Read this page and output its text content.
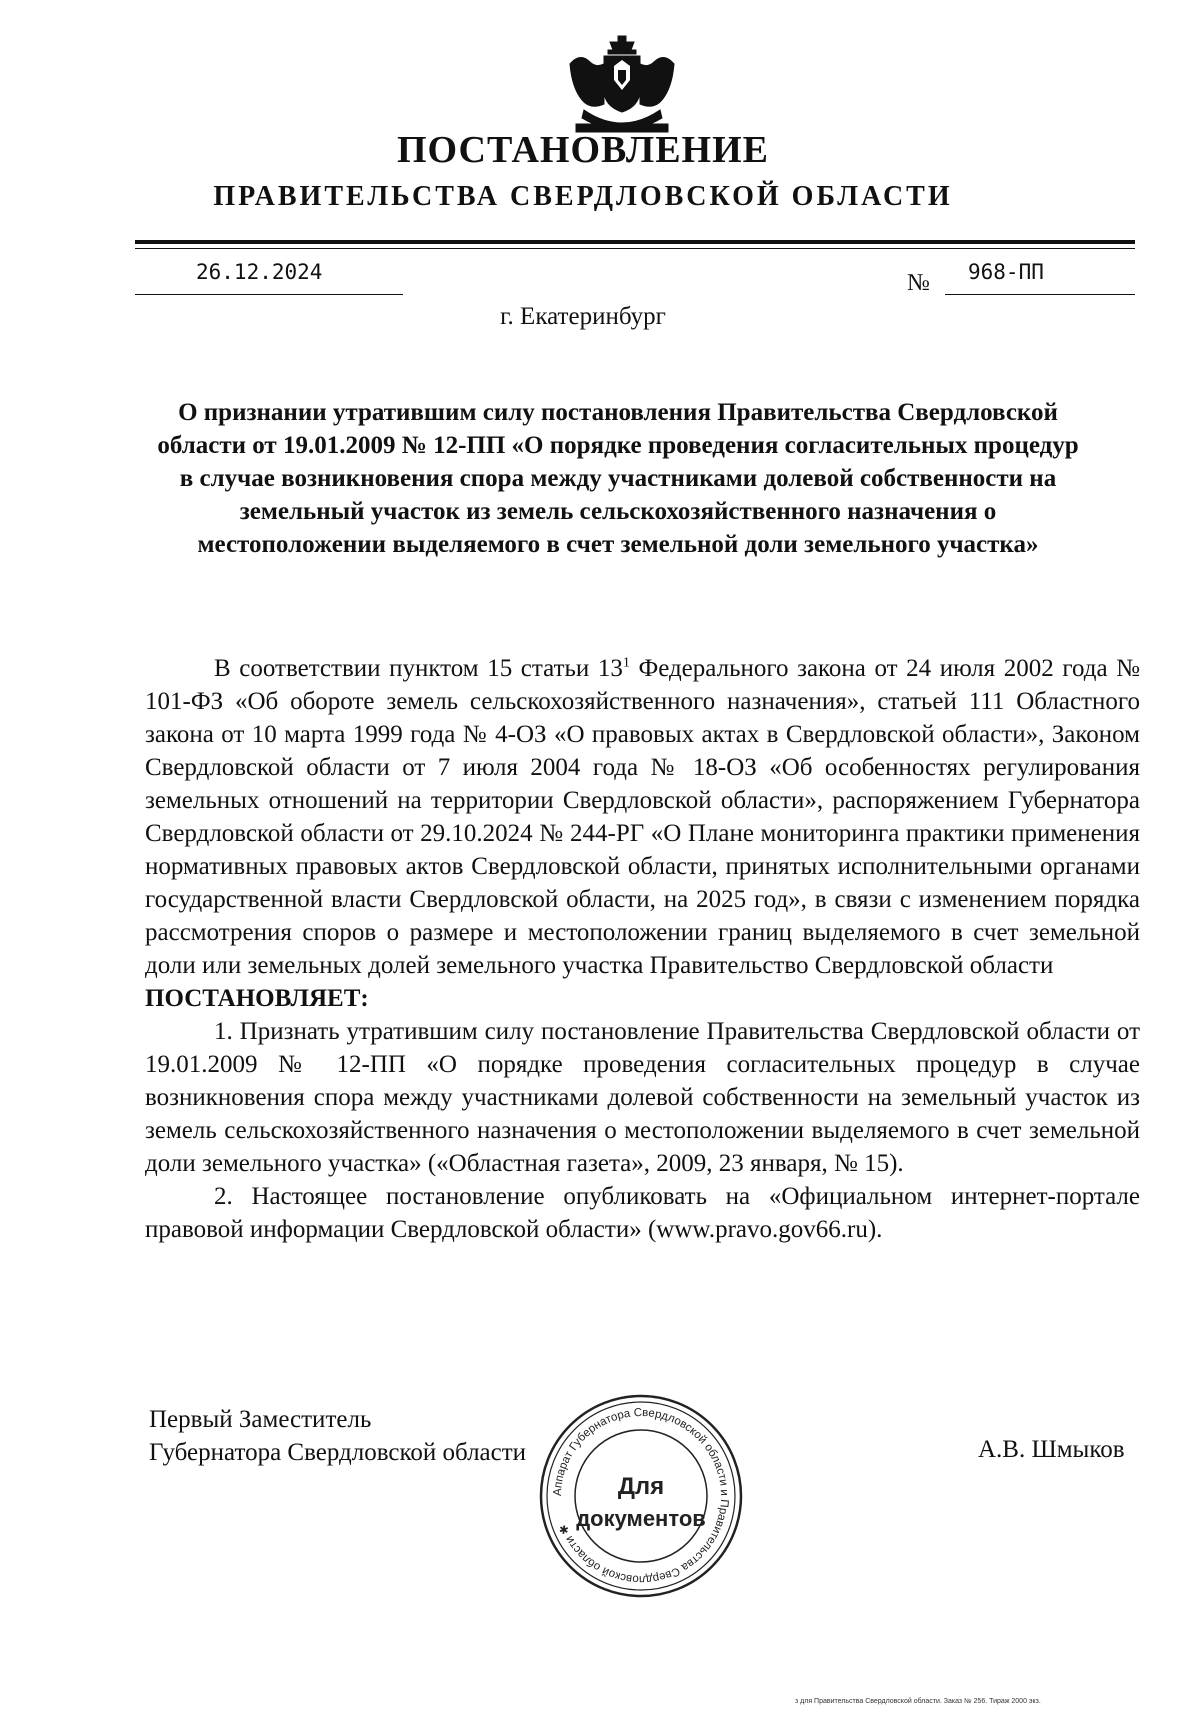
ПОСТАНОВЛЕНИЕ
ПРАВИТЕЛЬСТВА СВЕРДЛОВСКОЙ ОБЛАСТИ
26.12.2024	№ 968-ПП
г. Екатеринбург
О признании утратившим силу постановления Правительства Свердловской области от 19.01.2009 № 12-ПП «О порядке проведения согласительных процедур в случае возникновения спора между участниками долевой собственности на земельный участок из земель сельскохозяйственного назначения о местоположении выделяемого в счет земельной доли земельного участка»

В соответствии пунктом 15 статьи $13^1$ Федерального закона от 24 июля 2002 года № 101-ФЗ «Об обороте земель сельскохозяйственного назначения», статьей 111 Областного закона от 10 марта 1999 года № 4-ОЗ «О правовых актах в Свердловской области», Законом Свердловской области от 7 июля 2004 года № 18-ОЗ «Об особенностях регулирования земельных отношений на территории Свердловской области», распоряжением Губернатора Свердловской области от 29.10.2024 № 244-РГ «О Плане мониторинга практики применения нормативных правовых актов Свердловской области, принятых исполнительными органами государственной власти Свердловской области, на 2025 год», в связи с изменением порядка рассмотрения споров о размере и местоположении границ выделяемого в счет земельной доли или земельных долей земельного участка Правительство Свердловской области

ПОСТАНОВЛЯЕТ:

1. Признать утратившим силу постановление Правительства Свердловской области от 19.01.2009 № 12-ПП «О порядке проведения согласительных процедур в случае возникновения спора между участниками долевой собственности на земельный участок из земель сельскохозяйственного назначения о местоположении выделяемого в счет земельной доли земельного участка» («Областная газета», 2009, 23 января, № 15).

2. Настоящее постановление опубликовать на «Официальном интернет-портале правовой информации Свердловской области» (www.pravo.gov66.ru).

Первый Заместитель
Губернатора Свердловской области	А.В. Шмыков
Аппарат Губернатора Свердловской области и Правительства Свердловской области ✱
Для
документов
з для Правительства Свердловской области. Заказ № 256. Тираж 2000 экз.
